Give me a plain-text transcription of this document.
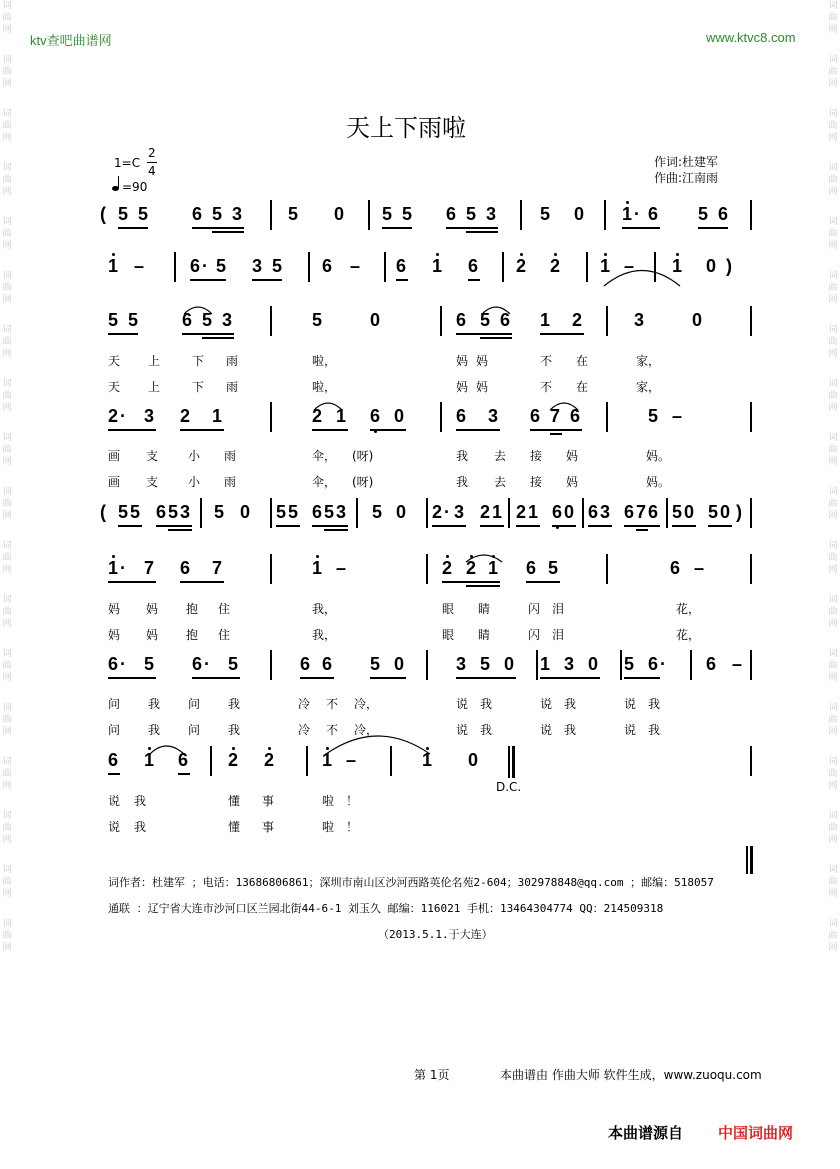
词
曲
网
词
曲
网
词
曲
网
词
曲
网
词
曲
网
词
曲
网
词
曲
网
词
曲
网
词
曲
网
词
曲
网
词
曲
网
词
曲
网
词
曲
网
词
曲
网
词
曲
网
词
曲
网
词
曲
网
词
曲
网
词
曲
网
词
曲
网
词
曲
网
词
曲
网
词
曲
网
词
曲
网
词
曲
网
词
曲
网
词
曲
网
词
曲
网
词
曲
网
词
曲
网
词
曲
网
词
曲
网
词
曲
网
词
曲
网
词
曲
网
词
曲
网
ktv查吧曲谱网	www.ktvc8.com
天上下雨啦
1=C
2
4
=90
作词:杜建军
作曲:江南雨
( 5 5 6 5 3	5 0 5 5 6 5 3 5 0 1 · 6 5 6
1 –	6 · 5 3 5 6 – 6 1 6 2 2 1 – 1 0 )
5 5 6 5 3	5	0	6 5 6 1 2	3	0
2 · 3 2 1	2 1 6 0	6 3 6 7 6	5 –
( 5 5 6 5 3 5 0 5 5 6 5 3 5 0 2 · 3 2 1 2 1 6 0 6 3 6 7 6 5 0 5 0 )
1 · 7 6 7	1 –	2 2 1 6 5	6 –
6 · 5 6 · 5	6 6 5 0	3 5 0 1 3 0 5 6 · 6 –
6 1 6 2 2	1 –	1 0
天 上	下 雨	啦，	妈 妈	不 在	家，
天 上	下 雨	啦，	妈 妈	不 在	家，
画 支 小 雨	伞， (呀)	我 去 接 妈	妈。
画 支 小 雨	伞， (呀)	我 去 接 妈	妈。
妈 妈 抱 住	我，	眼 睛	闪 泪	花，
妈 妈 抱 住	我，	眼 睛	闪 泪	花，
问 我 问 我	冷 不 冷，	说 我	说 我	说 我
问 我 问 我	冷 不 冷，	说 我	说 我	说 我
说 我	懂 事	啦 ！
说 我	懂 事	啦 ！
D.C.
词作者：杜建军 ；电话：13686806861；深圳市南山区沙河西路英伦名苑2-604；302978848@qq.com ；邮编：518057
通联 ：辽宁省大连市沙河口区兰园北街44-6-1 刘玉久 邮编：116021 手机：13464304774 QQ：214509318
（2013.5.1.于大连）
第 1页	本曲谱由 作曲大师 软件生成，www.zuoqu.com
本曲谱源自 中国词曲网
